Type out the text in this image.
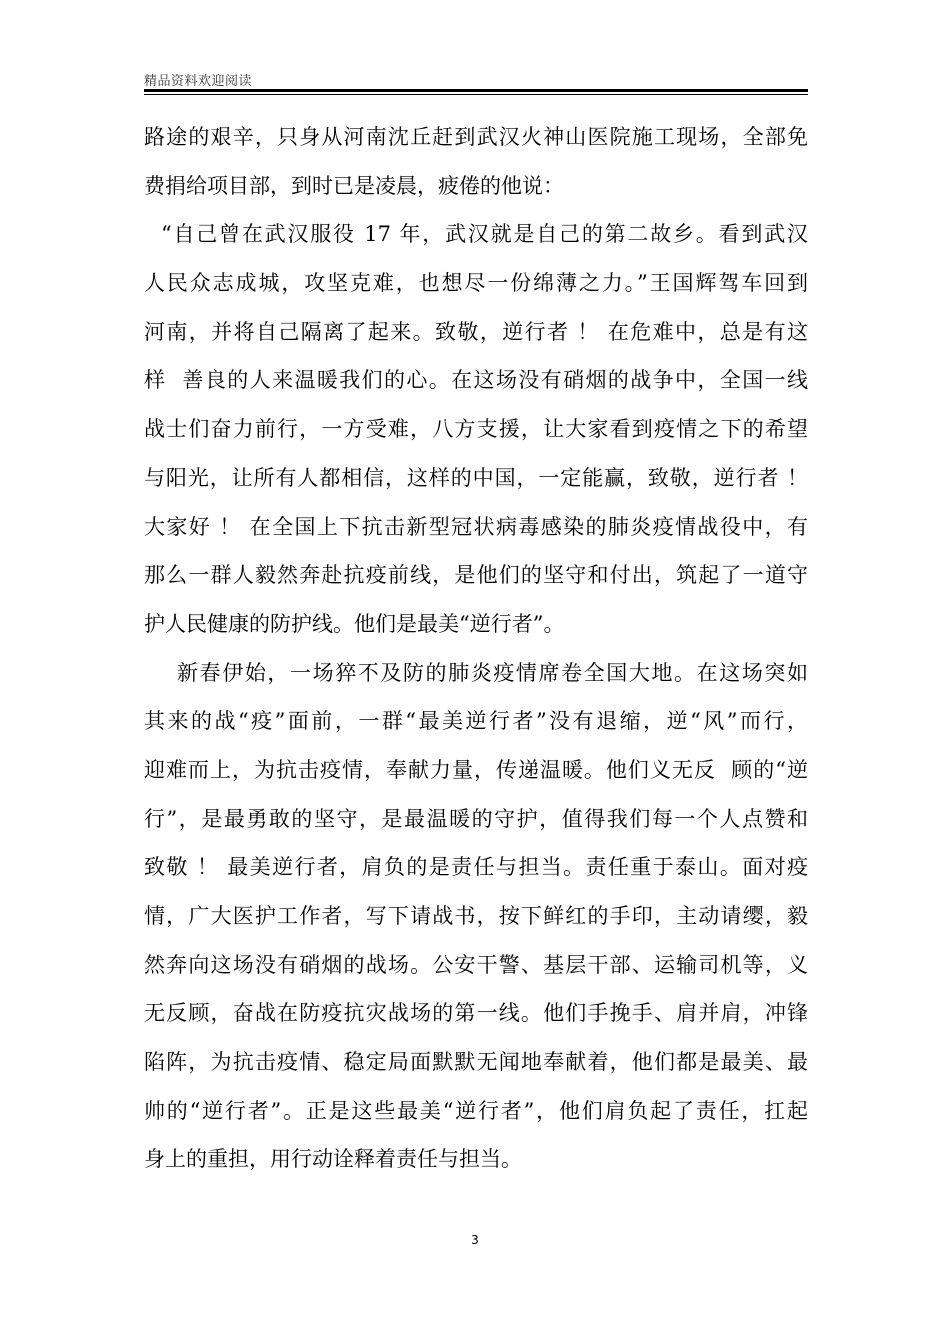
精品资料欢迎阅读
路途的艰辛，只身从河南沈丘赶到武汉火神山医院施工现场，全部免
费捐给项目部，到时已是凌晨，疲倦的他说：
“自己曾在武汉服役 17 年，武汉就是自己的第二故乡。看到武汉
人民众志成城，攻坚克难，也想尽一份绵薄之力。”王国辉驾车回到
河南，并将自己隔离了起来。致敬，逆行者 ！ 在危难中，总是有这
样  善良的人来温暖我们的心。在这场没有硝烟的战争中，全国一线
战士们奋力前行，一方受难，八方支援，让大家看到疫情之下的希望
与阳光，让所有人都相信，这样的中国，一定能赢，致敬，逆行者 ！
大家好 ！ 在全国上下抗击新型冠状病毒感染的肺炎疫情战役中，有
那么一群人毅然奔赴抗疫前线，是他们的坚守和付出，筑起了一道守
护人民健康的防护线。他们是最美“逆行者”。
新春伊始，一场猝不及防的肺炎疫情席卷全国大地。在这场突如
其来的战“疫”面前，一群“最美逆行者”没有退缩，逆“风”而行，
迎难而上，为抗击疫情，奉献力量，传递温暖。他们义无反  顾的“逆
行”，是最勇敢的坚守，是最温暖的守护，值得我们每一个人点赞和
致敬 ！ 最美逆行者，肩负的是责任与担当。责任重于泰山。面对疫
情，广大医护工作者，写下请战书，按下鲜红的手印，主动请缨，毅
然奔向这场没有硝烟的战场。公安干警、基层干部、运输司机等，义
无反顾，奋战在防疫抗灾战场的第一线。他们手挽手、肩并肩，冲锋
陷阵，为抗击疫情、稳定局面默默无闻地奉献着，他们都是最美、最
帅的“逆行者”。正是这些最美“逆行者”，他们肩负起了责任，扛起
身上的重担，用行动诠释着责任与担当。
3
